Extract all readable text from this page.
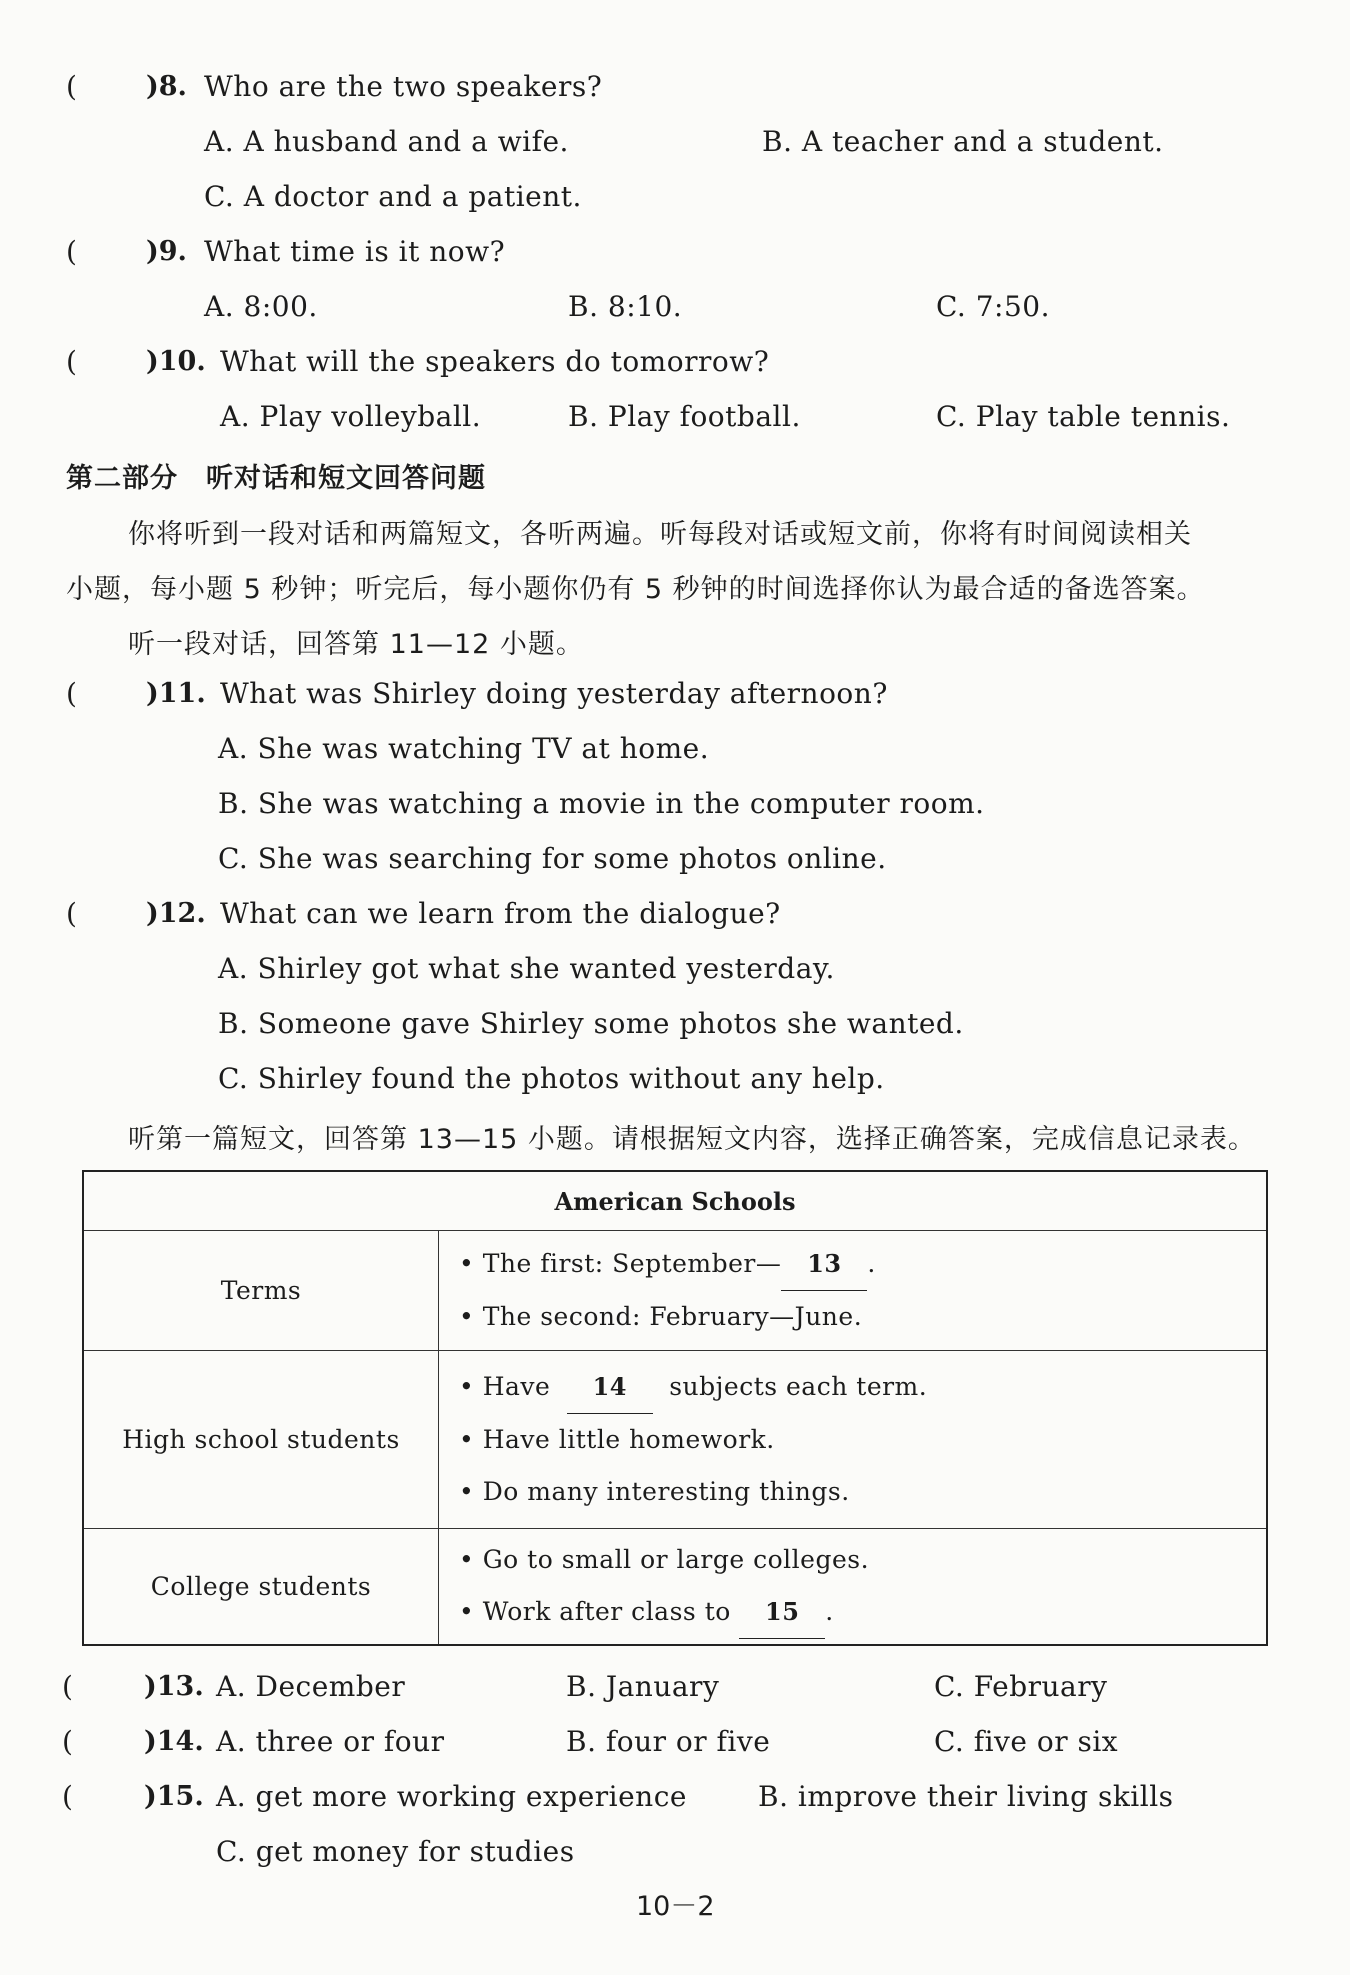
(	)8. Who are the two speakers?
A. A husband and a wife.	B. A teacher and a student.
C. A doctor and a patient.
(	)9. What time is it now?
A. 8:00.	B. 8:10.	C. 7:50.
(	)10. What will the speakers do tomorrow?
A. Play volleyball.	B. Play football.	C. Play table tennis.
第二部分　听对话和短文回答问题
你将听到一段对话和两篇短文，各听两遍。听每段对话或短文前，你将有时间阅读相关
小题，每小题 5 秒钟；听完后，每小题你仍有 5 秒钟的时间选择你认为最合适的备选答案。
听一段对话，回答第 11—12 小题。
(	)11. What was Shirley doing yesterday afternoon?
A. She was watching TV at home.
B. She was watching a movie in the computer room.
C. She was searching for some photos online.
(	)12. What can we learn from the dialogue?
A. Shirley got what she wanted yesterday.
B. Someone gave Shirley some photos she wanted.
C. Shirley found the photos without any help.
听第一篇短文，回答第 13—15 小题。请根据短文内容，选择正确答案，完成信息记录表。
American Schools	
Terms	• The first: September— 13 .
• The second: February—June.

High school students	• Have 14 subjects each term.
• Have little homework.
• Do many interesting things.

College students	• Go to small or large colleges.
• Work after class to 15 .
(	)13. A. December	B. January	C. February
(	)14. A. three or four	B. four or five	C. five or six
(	)15. A. get more working experience	B. improve their living skills
C. get money for studies
10－2
